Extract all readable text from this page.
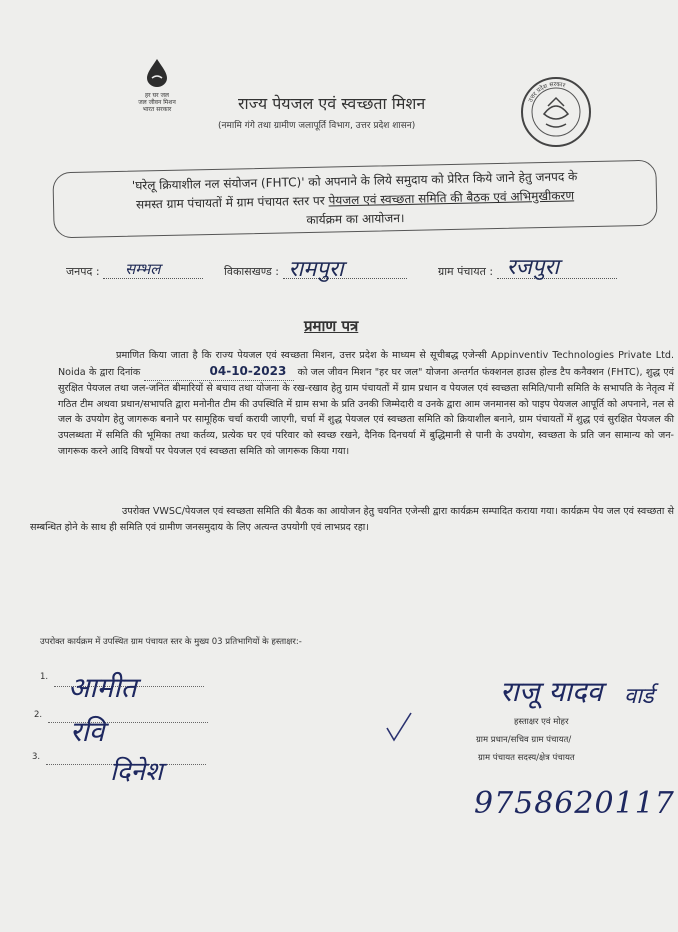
हर घर जल
जल जीवन मिशन
भारत सरकार	राज्य पेयजल एवं स्वच्छता मिशन
(नमामि गंगे तथा ग्रामीण जलापूर्ति विभाग, उत्तर प्रदेश शासन)
उत्तर प्रदेश सरकार
'घरेलू क्रियाशील नल संयोजन (FHTC)' को अपनाने के लिये समुदाय को प्रेरित किये जाने हेतु जनपद के
समस्त ग्राम पंचायतों में ग्राम पंचायत स्तर पर पेयजल एवं स्वच्छता समिति की बैठक एवं अभिमुखीकरण
कार्यक्रम का आयोजन।
जनपद : सम्भल
	विकासखण्ड : रामपुरा
	ग्राम पंचायत : रजपुरा

प्रमाण पत्र
प्रमाणित किया जाता है कि राज्य पेयजल एवं स्वच्छता मिशन, उत्तर प्रदेश के माध्यम से सूचीबद्ध एजेन्सी Appinventiv Technologies Private Ltd. Noida के द्वारा दिनांक	04-10-2023 को जल जीवन मिशन "हर घर जल" योजना अन्तर्गत फंक्शनल हाउस होल्ड टैप कनैक्शन (FHTC), शुद्ध एवं सुरक्षित पेयजल तथा जल-जनित बीमारियों से बचाव तथा योजना के रख-रखाव हेतु ग्राम पंचायतों में ग्राम प्रधान व पेयजल एवं स्वच्छता समिति/पानी समिति के सभापति के नेतृत्व में गठित टीम अथवा प्रधान/सभापति द्वारा मनोनीत टीम की उपस्थिति में ग्राम सभा के प्रति उनकी जिम्मेदारी व उनके द्वारा आम जनमानस को पाइप पेयजल आपूर्ति को अपनाने, नल से जल के उपयोग हेतु जागरूक बनाने पर सामूहिक चर्चा करायी जाएगी, चर्चा में शुद्ध पेयजल एवं स्वच्छता समिति को क्रियाशील बनाने, ग्राम पंचायतों में शुद्ध एवं सुरक्षित पेयजल की उपलब्धता में समिति की भूमिका तथा कर्तव्य, प्रत्येक घर एवं परिवार को स्वच्छ रखने, दैनिक दिनचर्या में बुद्धिमानी से पानी के उपयोग, स्वच्छता के प्रति जन सामान्य को जन-जागरूक करने आदि विषयों पर पेयजल एवं स्वच्छता समिति को जागरूक किया गया।
उपरोक्त VWSC/पेयजल एवं स्वच्छता समिति की बैठक का आयोजन हेतु चयनित एजेन्सी द्वारा कार्यक्रम सम्पादित कराया गया। कार्यक्रम पेय जल एवं स्वच्छता से सम्बन्धित होने के साथ ही समिति एवं ग्रामीण जनसमुदाय के लिए अत्यन्त उपयोगी एवं लाभप्रद रहा।
उपरोक्त कार्यक्रम में उपस्थित ग्राम पंचायत स्तर के मुख्य 03 प्रतिभागियों के हस्ताक्षर:-
1. आमीत
2. रवि
3.	दिनेश
राजू यादव वार्ड
हस्ताक्षर एवं मोहर
ग्राम प्रधान/सचिव ग्राम पंचायत/
ग्राम पंचायत सदस्य/क्षेत्र पंचायत
9758620117
